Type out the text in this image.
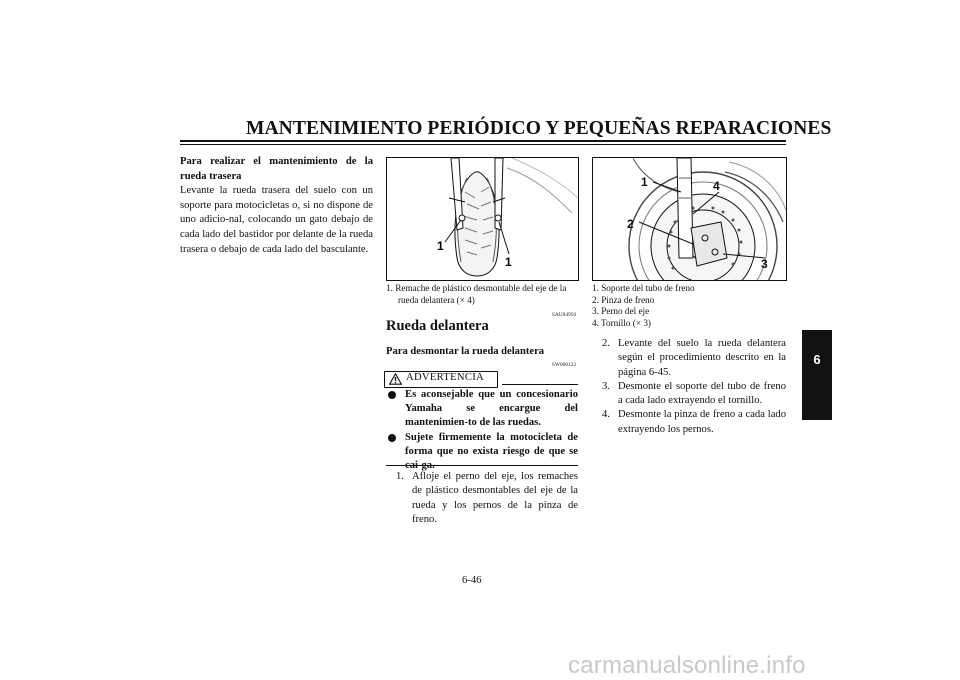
MANTENIMIENTO PERIÓDICO Y PEQUEÑAS REPARACIONES
6
Para realizar el mantenimiento de la rueda trasera
Levante la rueda trasera del suelo con un soporte para motocicletas o, si no dispone de uno adicio-nal, colocando un gato debajo de cada lado del bastidor por delante de la rueda trasera o debajo de cada lado del basculante.	1
1
1. Remache de plástico desmontable del eje de la rueda delantera (× 4)
SAU04956
Rueda delantera
Para desmontar la rueda delantera
SW000122
ADVERTENCIA
Es aconsejable que un concesionario Yamaha se encargue del mantenimien-to de las ruedas.
Sujete firmemente la motocicleta de forma que no exista riesgo de que se cai-ga.
1. Afloje el perno del eje, los remaches de plástico desmontables del eje de la rueda y los pernos de la pinza de freno.
1
2
3
4
1. Soporte del tubo de freno
2. Pinza de freno
3. Perno del eje
4. Tornillo (× 3)
2. Levante del suelo la rueda delantera según el procedimiento descrito en la página 6-45.
3. Desmonte el soporte del tubo de freno a cada lado extrayendo el tornillo.
4. Desmonte la pinza de freno a cada lado extrayendo los pernos.
6-46
carmanualsonline.info
